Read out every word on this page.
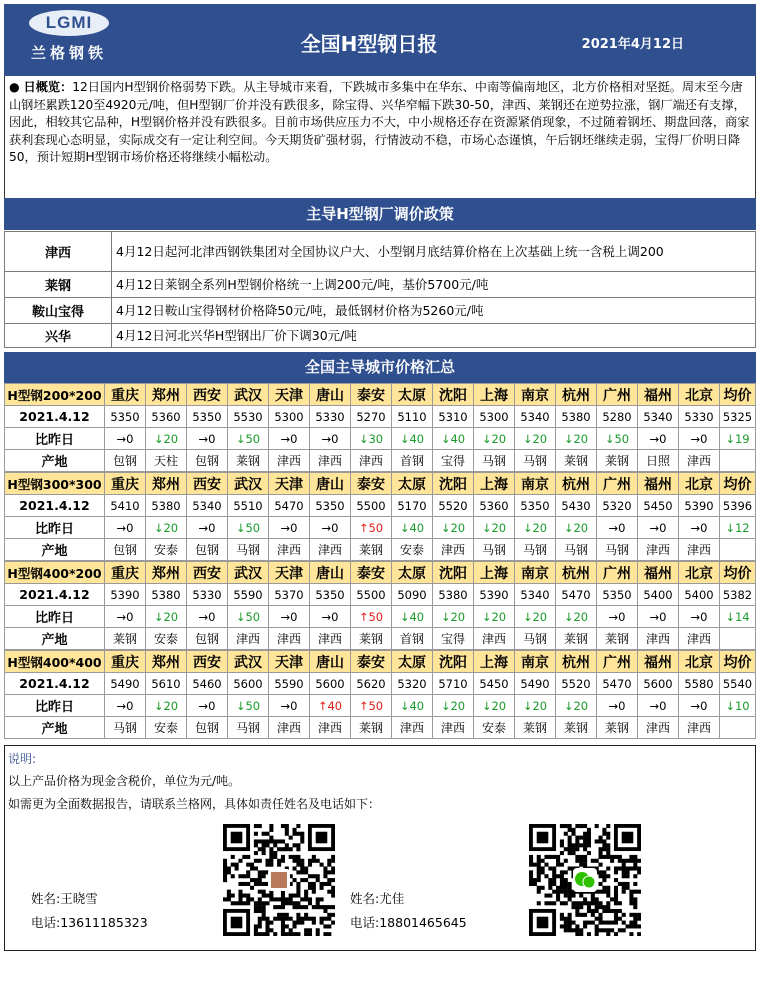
LGMI
兰格钢铁	全国H型钢日报	2021年4月12日
● 日概览：12日国内H型钢价格弱势下跌。从主导城市来看，下跌城市多集中在华东、中南等偏南地区，北方价格相对坚挺。周末至今唐山钢坯累跌120至4920元/吨，但H型钢厂价并没有跌很多，除宝得、兴华窄幅下跌30-50，津西、莱钢还在逆势拉涨，钢厂端还有支撑，因此，相较其它品种，H型钢价格并没有跌很多。目前市场供应压力不大，中小规格还存在资源紧俏现象，不过随着钢坯、期盘回落，商家获利套现心态明显，实际成交有一定让利空间。今天期货矿强材弱，行情波动不稳，市场心态谨慎，午后钢坯继续走弱，宝得厂价明日降50，预计短期H型钢市场价格还将继续小幅松动。
主导H型钢厂调价政策
津西	4月12日起河北津西钢铁集团对全国协议户大、小型钢月底结算价格在上次基础上统一含税上调200
莱钢	4月12日莱钢全系列H型钢价格统一上调200元/吨，基价5700元/吨
鞍山宝得	4月12日鞍山宝得钢材价格降50元/吨，最低钢材价格为5260元/吨
兴华	4月12日河北兴华H型钢出厂价下调30元/吨
全国主导城市价格汇总
H型钢200*200	重庆	郑州	西安	武汉	天津	唐山	泰安	太原	沈阳	上海	南京	杭州	广州	福州	北京	均价
2021.4.12	5350	5360	5350	5530	5300	5330	5270	5110	5310	5300	5340	5380	5280	5340	5330	5325
比昨日	→0	↓20	→0	↓50	→0	→0	↓30	↓40	↓40	↓20	↓20	↓20	↓50	→0	→0	↓19
产地	包钢	天柱	包钢	莱钢	津西	津西	津西	首钢	宝得	马钢	马钢	莱钢	莱钢	日照	津西	
H型钢300*300	重庆	郑州	西安	武汉	天津	唐山	泰安	太原	沈阳	上海	南京	杭州	广州	福州	北京	均价
2021.4.12	5410	5380	5340	5510	5470	5350	5500	5170	5520	5360	5350	5430	5320	5450	5390	5396
比昨日	→0	↓20	→0	↓50	→0	→0	↑50	↓40	↓20	↓20	↓20	↓20	→0	→0	→0	↓12
产地	包钢	安泰	包钢	马钢	津西	津西	莱钢	安泰	津西	马钢	马钢	马钢	马钢	津西	津西	
H型钢400*200	重庆	郑州	西安	武汉	天津	唐山	泰安	太原	沈阳	上海	南京	杭州	广州	福州	北京	均价
2021.4.12	5390	5380	5330	5590	5370	5350	5500	5090	5380	5390	5340	5470	5350	5400	5400	5382
比昨日	→0	↓20	→0	↓50	→0	→0	↑50	↓40	↓20	↓20	↓20	↓20	→0	→0	→0	↓14
产地	莱钢	安泰	包钢	津西	津西	津西	莱钢	首钢	宝得	津西	马钢	莱钢	莱钢	津西	津西	
H型钢400*400	重庆	郑州	西安	武汉	天津	唐山	泰安	太原	沈阳	上海	南京	杭州	广州	福州	北京	均价
2021.4.12	5490	5610	5460	5600	5590	5600	5620	5320	5710	5450	5490	5520	5470	5600	5580	5540
比昨日	→0	↓20	→0	↓50	→0	↑40	↑50	↓40	↓20	↓20	↓20	↓20	→0	→0	→0	↓10
产地	马钢	安泰	包钢	马钢	津西	津西	莱钢	津西	津西	安泰	莱钢	莱钢	莱钢	津西	津西	
说明:
以上产品价格为现金含税价，单位为元/吨。
如需更为全面数据报告，请联系兰格网，具体如责任姓名及电话如下：
姓名:王晓雪
电话:13611185323
姓名:尤佳
电话:18801465645
